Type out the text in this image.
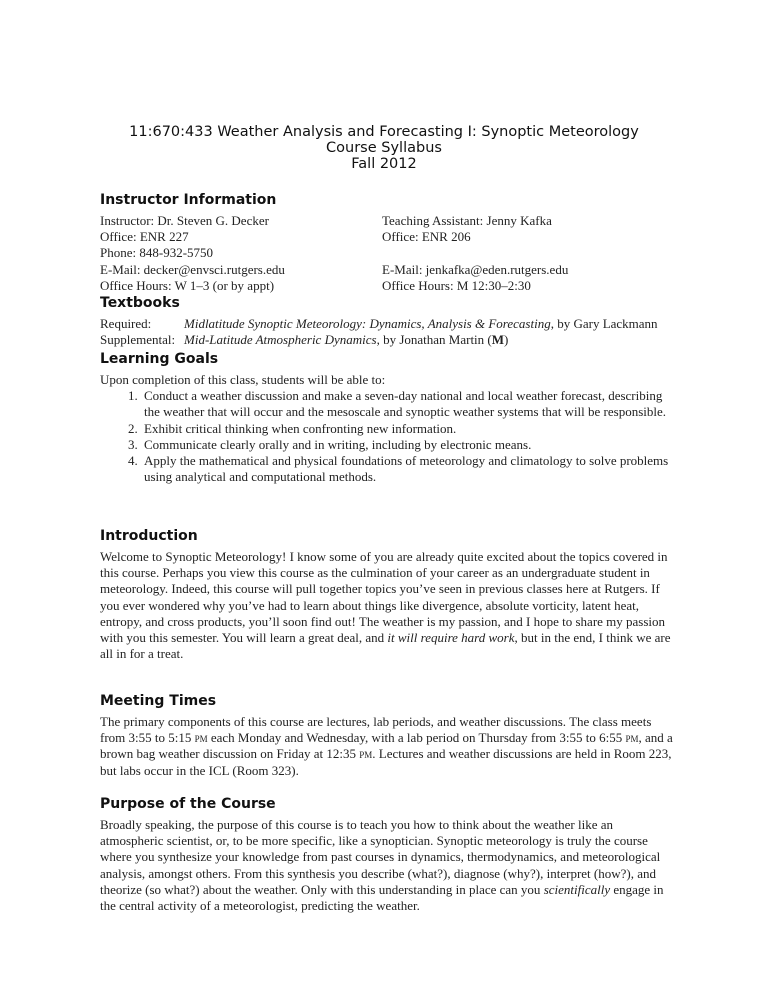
11:670:433 Weather Analysis and Forecasting I: Synoptic Meteorology
Course Syllabus
Fall 2012
Instructor Information
Instructor: Dr. Steven G. Decker
Office: ENR 227
Phone: 848-932-5750
E-Mail: decker@envsci.rutgers.edu
Office Hours: W 1–3 (or by appt)
Teaching Assistant: Jenny Kafka
Office: ENR 206
E-Mail: jenkafka@eden.rutgers.edu
Office Hours: M 12:30–2:30
Textbooks
Required:	Midlatitude Synoptic Meteorology: Dynamics, Analysis & Forecasting, by Gary Lackmann
Supplemental: Mid-Latitude Atmospheric Dynamics, by Jonathan Martin (M)
Learning Goals

Upon completion of this class, students will be able to:

1. Conduct a weather discussion and make a seven-day national and local weather forecast, describing the weather that will occur and the mesoscale and synoptic weather systems that will be responsible.
2. Exhibit critical thinking when confronting new information.
3. Communicate clearly orally and in writing, including by electronic means.
4. Apply the mathematical and physical foundations of meteorology and climatology to solve problems using analytical and computational methods.
Introduction

Welcome to Synoptic Meteorology! I know some of you are already quite excited about the topics covered in this course. Perhaps you view this course as the culmination of your career as an undergraduate student in meteorology. Indeed, this course will pull together topics you’ve seen in previous classes here at Rutgers. If you ever wondered why you’ve had to learn about things like divergence, absolute vorticity, latent heat, entropy, and cross products, you’ll soon find out! The weather is my passion, and I hope to share my passion with you this semester. You will learn a great deal, and it will require hard work, but in the end, I think we are all in for a treat.

Meeting Times

The primary components of this course are lectures, lab periods, and weather discussions. The class meets from 3:55 to 5:15 pm each Monday and Wednesday, with a lab period on Thursday from 3:55 to 6:55 pm, and a brown bag weather discussion on Friday at 12:35 pm. Lectures and weather discussions are held in Room 223, but labs occur in the ICL (Room 323).

Purpose of the Course

Broadly speaking, the purpose of this course is to teach you how to think about the weather like an atmospheric scientist, or, to be more specific, like a synoptician. Synoptic meteorology is truly the course where you synthesize your knowledge from past courses in dynamics, thermodynamics, and meteorological analysis, amongst others. From this synthesis you describe (what?), diagnose (why?), interpret (how?), and theorize (so what?) about the weather. Only with this understanding in place can you scientifically engage in the central activity of a meteorologist, predicting the weather.
